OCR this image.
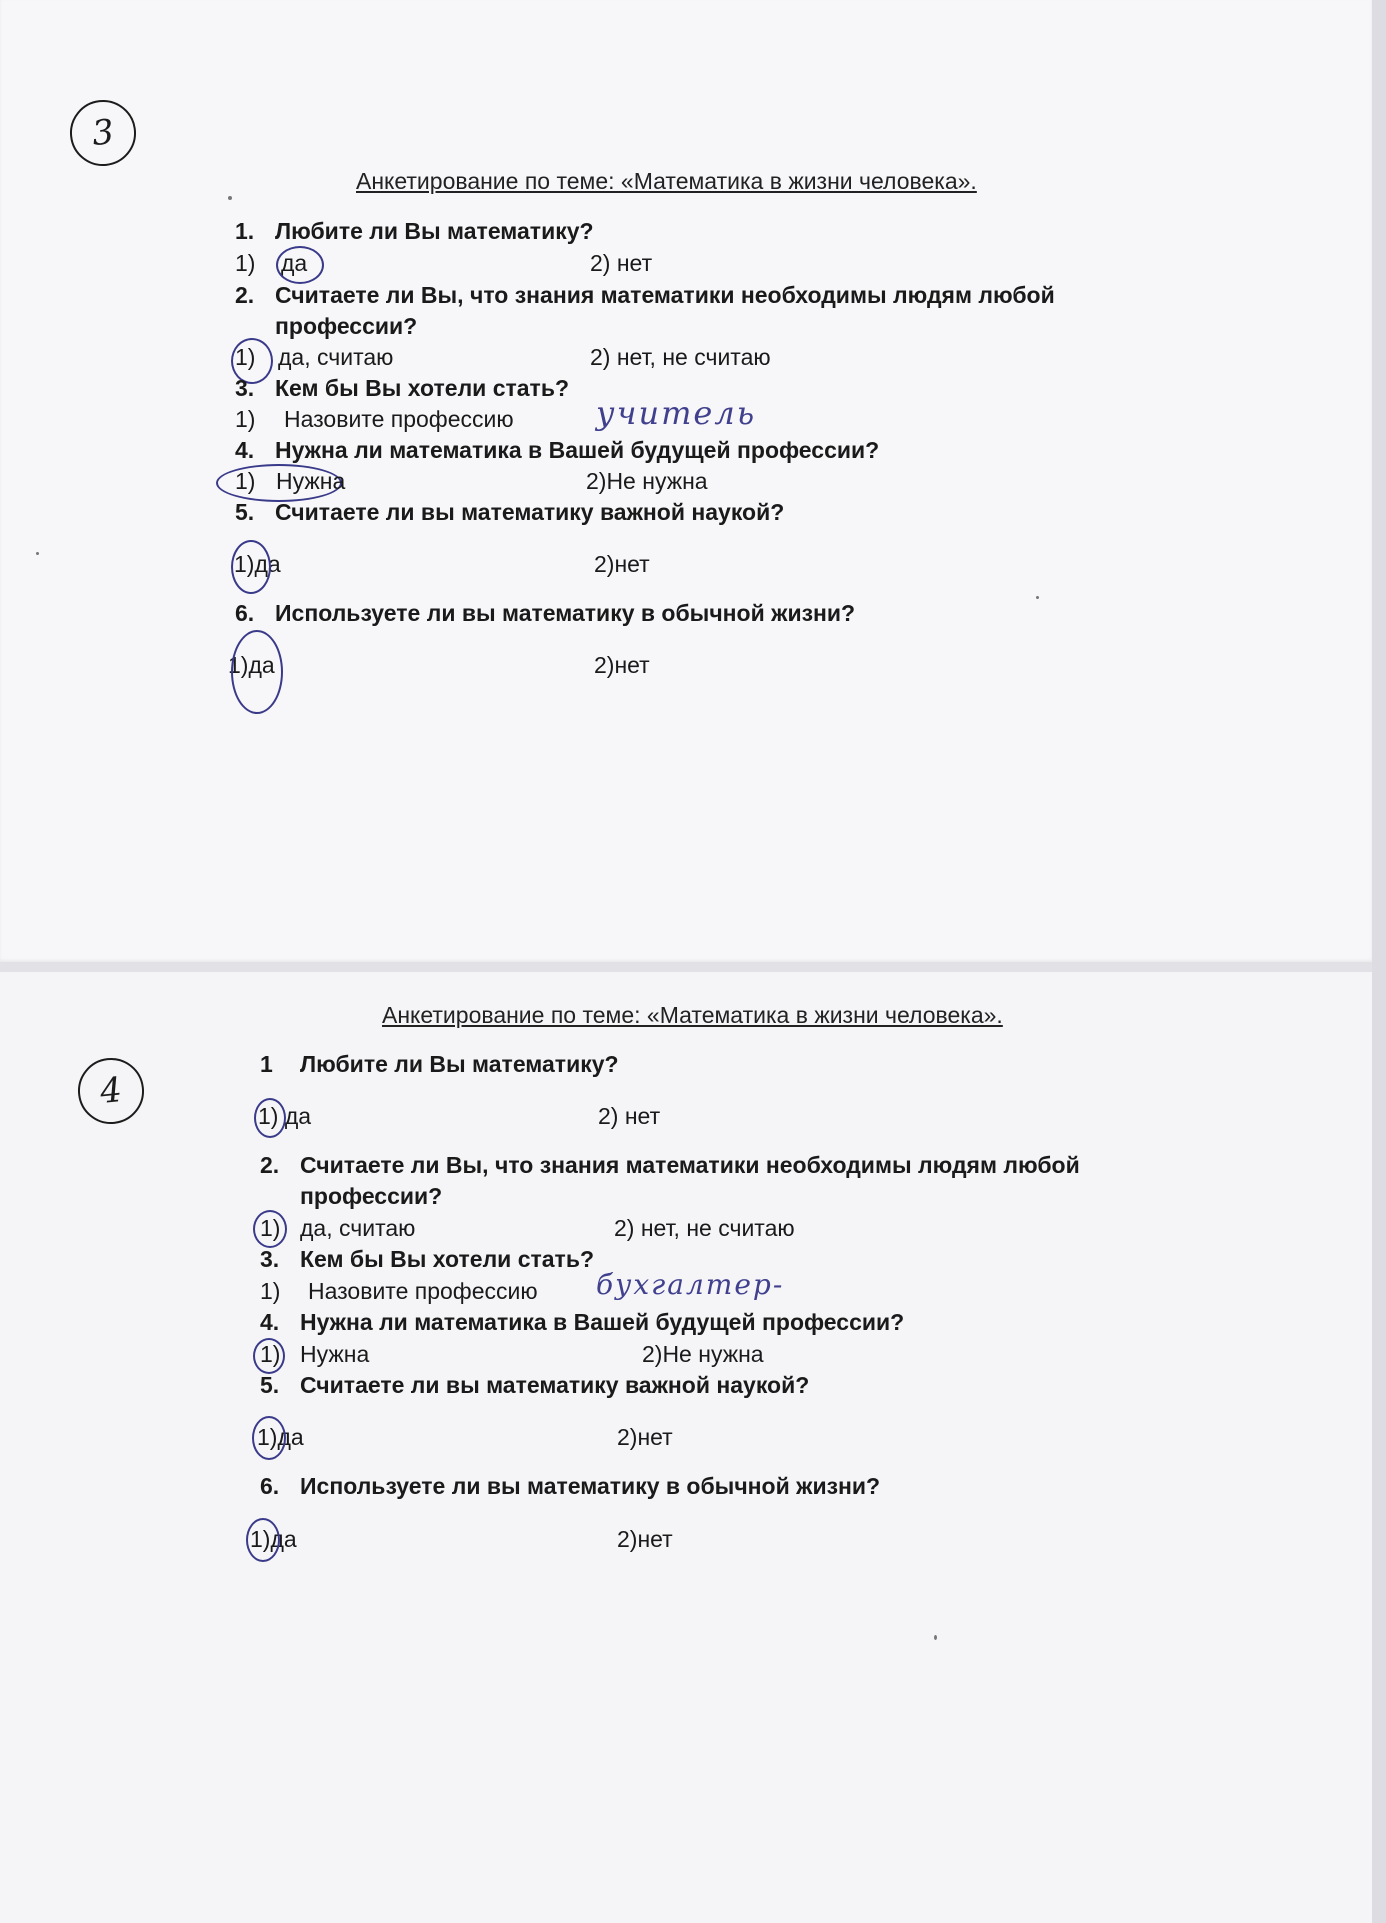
3
Анкетирование по теме: «Математика в жизни человека».
1. Любите ли Вы математику?
1) да	2) нет
2. Считаете ли Вы, что знания математики необходимы людям любой
профессии?
1) да, считаю	2) нет, не считаю
3. Кем бы Вы хотели стать?
1) Назовите профессию	учитель
4. Нужна ли математика в Вашей будущей профессии?
1) Нужна	2)Не нужна
5. Считаете ли вы математику важной наукой?
1)да	2)нет
6. Используете ли вы математику в обычной жизни?
1)да	2)нет
4
Анкетирование по теме: «Математика в жизни человека».
1	Любите ли Вы математику?
1) да	2) нет
2. Считаете ли Вы, что знания математики необходимы людям любой
профессии?
1) да, считаю	2) нет, не считаю
3. Кем бы Вы хотели стать?
1) Назовите профессию бухгалтер-
4. Нужна ли математика в Вашей будущей профессии?
1) Нужна	2)Не нужна
5. Считаете ли вы математику важной наукой?
1)да	2)нет
6. Используете ли вы математику в обычной жизни?
1)да	2)нет
